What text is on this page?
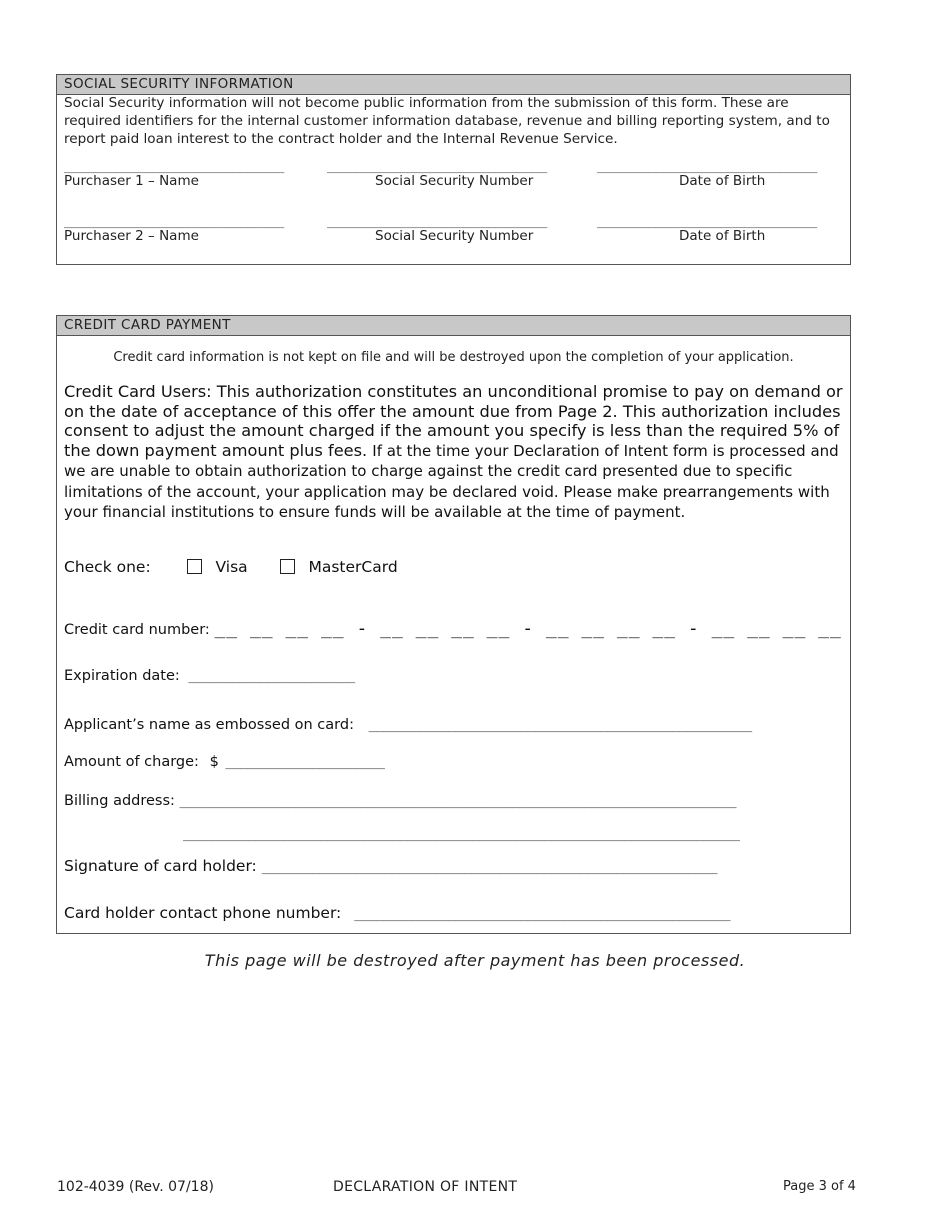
SOCIAL SECURITY INFORMATION
Social Security information will not become public information from the submission of this form. These are required identifiers for the internal customer information database, revenue and billing reporting system, and to report paid loan interest to the contract holder and the Internal Revenue Service.
______________________________	______________________________	______________________________
Purchaser 1 – Name	Social Security Number	Date of Birth
______________________________	______________________________	______________________________
Purchaser 2 – Name	Social Security Number	Date of Birth
CREDIT CARD PAYMENT
Credit card information is not kept on file and will be destroyed upon the completion of your application.
Credit Card Users: This authorization constitutes an unconditional promise to pay on demand or on the date of acceptance of this offer the amount due from Page 2. This authorization includes consent to adjust the amount charged if the amount you specify is less than the required 5% of the down payment amount plus fees. If at the time your Declaration of Intent form is processed and we are unable to obtain authorization to charge against the credit card presented due to specific limitations of the account, your application may be declared void. Please make prearrangements with your financial institutions to ensure funds will be available at the time of payment.
Check one:	Visa	MasterCard
Credit card number: __ __ __ __ - __ __ __ __ - __ __ __ __ - __ __ __ __
Expiration date: _______________________
Applicant’s name as embossed on card: _____________________________________________________
Amount of charge: $ ______________________
Billing address: _____________________________________________________________________________
_____________________________________________________________________________
Signature of card holder: _______________________________________________________________
Card holder contact phone number: ____________________________________________________
This page will be destroyed after payment has been processed.
102-4039 (Rev. 07/18)	DECLARATION OF INTENT	Page 3 of 4
